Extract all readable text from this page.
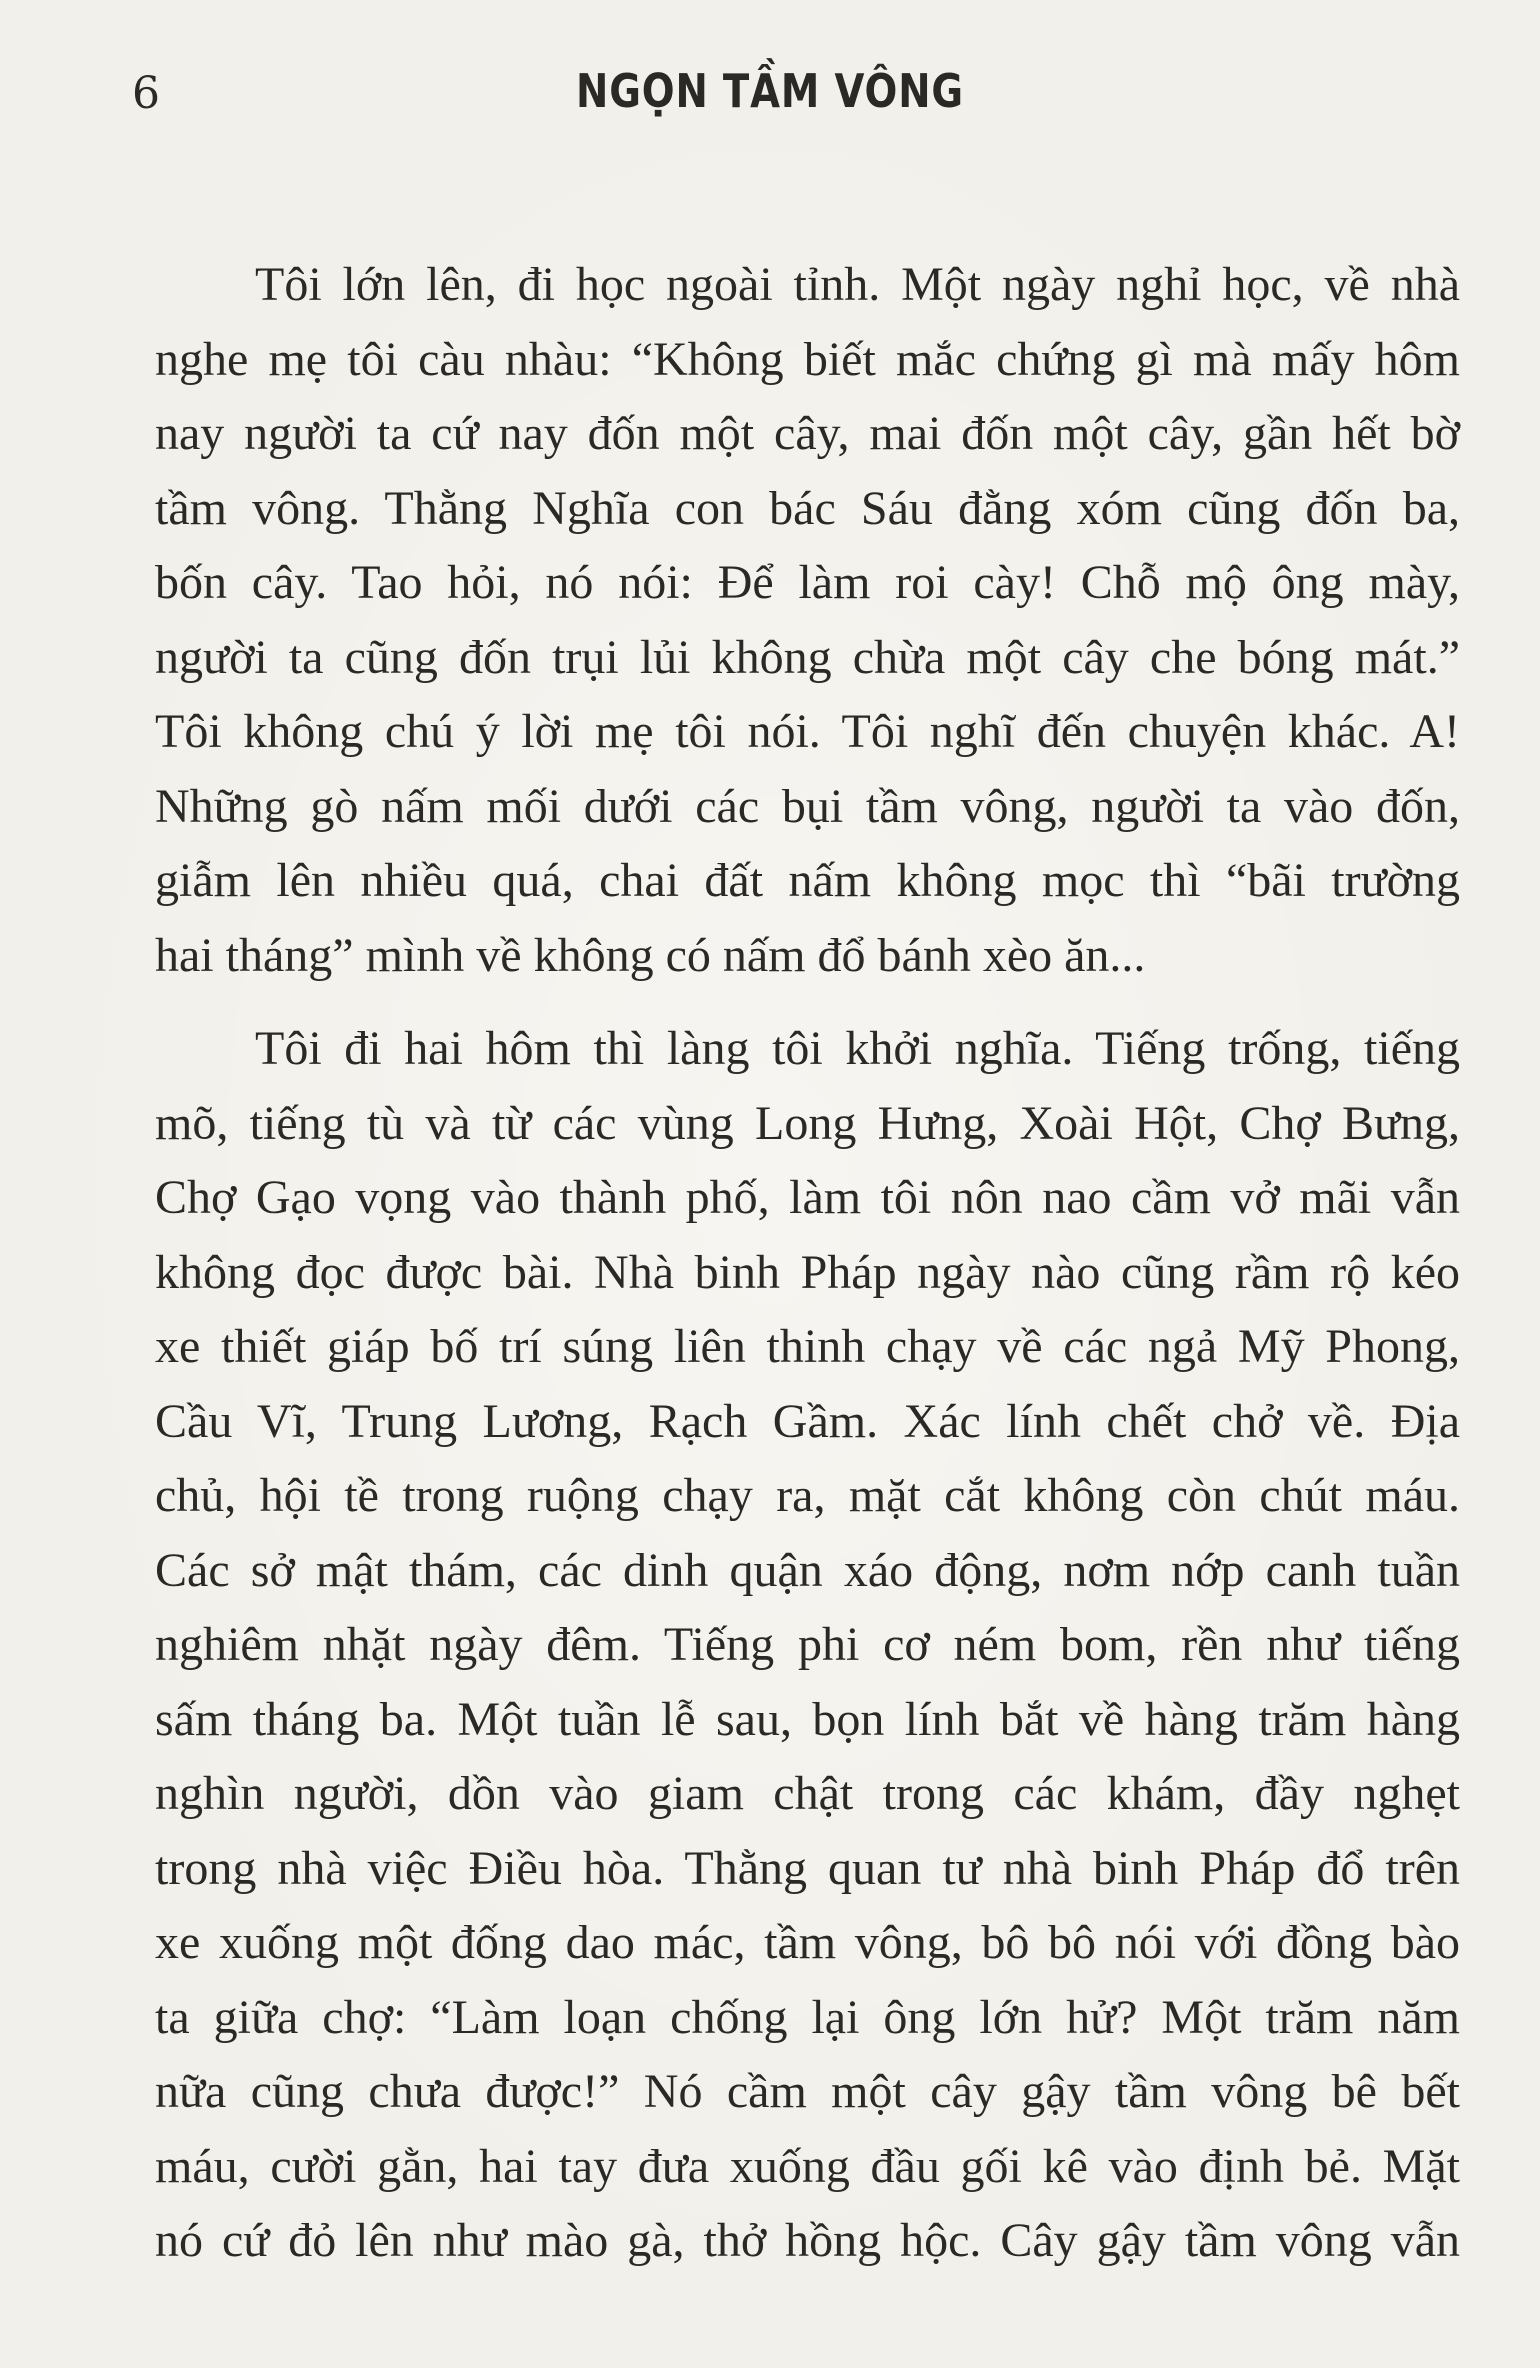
6	NGỌN TẦM VÔNG
Tôi lớn lên, đi học ngoài tỉnh. Một ngày nghỉ học, về nhà
nghe mẹ tôi càu nhàu: “Không biết mắc chứng gì mà mấy hôm
nay người ta cứ nay đốn một cây, mai đốn một cây, gần hết bờ
tầm vông. Thằng Nghĩa con bác Sáu đằng xóm cũng đốn ba,
bốn cây. Tao hỏi, nó nói: Để làm roi cày! Chỗ mộ ông mày,
người ta cũng đốn trụi lủi không chừa một cây che bóng mát.”
Tôi không chú ý lời mẹ tôi nói. Tôi nghĩ đến chuyện khác. A!
Những gò nấm mối dưới các bụi tầm vông, người ta vào đốn,
giẫm lên nhiều quá, chai đất nấm không mọc thì “bãi trường
hai tháng” mình về không có nấm đổ bánh xèo ăn...
Tôi đi hai hôm thì làng tôi khởi nghĩa. Tiếng trống, tiếng
mõ, tiếng tù và từ các vùng Long Hưng, Xoài Hột, Chợ Bưng,
Chợ Gạo vọng vào thành phố, làm tôi nôn nao cầm vở mãi vẫn
không đọc được bài. Nhà binh Pháp ngày nào cũng rầm rộ kéo
xe thiết giáp bố trí súng liên thinh chạy về các ngả Mỹ Phong,
Cầu Vĩ, Trung Lương, Rạch Gầm. Xác lính chết chở về. Địa
chủ, hội tề trong ruộng chạy ra, mặt cắt không còn chút máu.
Các sở mật thám, các dinh quận xáo động, nơm nớp canh tuần
nghiêm nhặt ngày đêm. Tiếng phi cơ ném bom, rền như tiếng
sấm tháng ba. Một tuần lễ sau, bọn lính bắt về hàng trăm hàng
nghìn người, dồn vào giam chật trong các khám, đầy nghẹt
trong nhà việc Điều hòa. Thằng quan tư nhà binh Pháp đổ trên
xe xuống một đống dao mác, tầm vông, bô bô nói với đồng bào
ta giữa chợ: “Làm loạn chống lại ông lớn hử? Một trăm năm
nữa cũng chưa được!” Nó cầm một cây gậy tầm vông bê bết
máu, cười gằn, hai tay đưa xuống đầu gối kê vào định bẻ. Mặt
nó cứ đỏ lên như mào gà, thở hồng hộc. Cây gậy tầm vông vẫn
